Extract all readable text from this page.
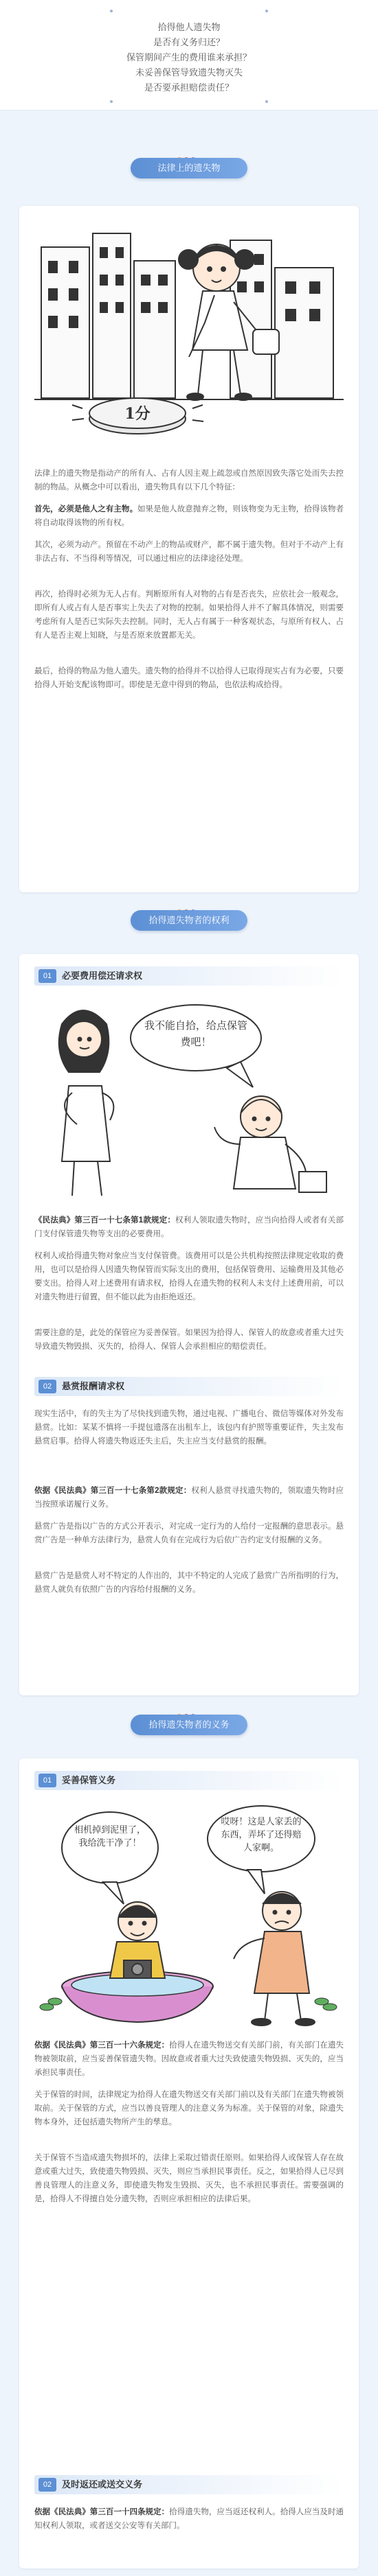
拾得他人遗失物
是否有义务归还？
保管期间产生的费用谁来承担？
未妥善保管导致遗失物灭失
是否要承担赔偿责任？
法律上的遗失物
1分
法律上的遗失物是指动产的所有人、占有人因主观上疏忽或自然原因致失落它处而失去控制的物品。从概念中可以看出，遗失物具有以下几个特征：
首先，必须是他人之有主物。如果是他人故意抛弃之物，则该物变为无主物，拾得该物者将自动取得该物的所有权。
其次，必须为动产。预留在不动产上的物品或财产，都不属于遗失物。但对于不动产上有非法占有、不当得利等情况，可以通过相应的法律途径处理。
再次，拾得时必须为无人占有。判断原所有人对物的占有是否丧失，应依社会一般观念，即所有人或占有人是否事实上失去了对物的控制。如果拾得人并不了解具体情况，则需要考虑所有人是否已实际失去控制。同时，无人占有属于一种客观状态，与原所有权人、占有人是否主观上知晓，与是否原来放置都无关。
最后，拾得的物品为他人遗失。遗失物的拾得并不以拾得人已取得现实占有为必要，只要拾得人开始支配该物即可。即使是无意中得到的物品，也依法构成拾得。
拾得遗失物者的权利
01	必要费用偿还请求权
我不能自拾，给点保管费吧！
《民法典》第三百一十七条第1款规定：权利人领取遗失物时，应当向拾得人或者有关部门支付保管遗失物等支出的必要费用。
权利人或拾得遗失物对象应当支付保管费。该费用可以是公共机构按照法律规定收取的费用，也可以是拾得人因遗失物保管而实际支出的费用，包括保管费用、运输费用及其他必要支出。拾得人对上述费用有请求权，拾得人在遗失物的权利人未支付上述费用前，可以对遗失物进行留置，但不能以此为由拒绝返还。
需要注意的是，此处的保管应为妥善保管。如果因为拾得人、保管人的故意或者重大过失导致遗失物毁损、灭失的，拾得人、保管人会承担相应的赔偿责任。
02	悬赏报酬请求权
现实生活中，有的失主为了尽快找到遗失物，通过电视、广播电台、微信等媒体对外发布悬赏。比如：某某不慎将一手提包遗落在出租车上，该包内有护照等重要证件，失主发布悬赏启事。拾得人将遗失物返还失主后，失主应当支付悬赏的报酬。
依据《民法典》第三百一十七条第2款规定：权利人悬赏寻找遗失物的，领取遗失物时应当按照承诺履行义务。
悬赏广告是指以广告的方式公开表示，对完成一定行为的人给付一定报酬的意思表示。悬赏广告是一种单方法律行为，悬赏人负有在完成行为后依广告约定支付报酬的义务。
悬赏广告是悬赏人对不特定的人作出的，其中不特定的人完成了悬赏广告所指明的行为，悬赏人就负有依照广告的内容给付报酬的义务。
拾得遗失物者的义务
01	妥善保管义务
相机掉到泥里了，我给洗干净了！
哎呀！这是人家丢的东西，弄坏了还得赔人家啊。
依据《民法典》第三百一十六条规定：拾得人在遗失物送交有关部门前，有关部门在遗失物被领取前，应当妥善保管遗失物。因故意或者重大过失致使遗失物毁损、灭失的，应当承担民事责任。
关于保管的时间，法律规定为拾得人在遗失物送交有关部门前以及有关部门在遗失物被领取前。关于保管的方式，应当以善良管理人的注意义务为标准。关于保管的对象，除遗失物本身外，还包括遗失物所产生的孳息。
关于保管不当造成遗失物损坏的，法律上采取过错责任原则。如果拾得人或保管人存在故意或重大过失，致使遗失物毁损、灭失，则应当承担民事责任。反之，如果拾得人已尽到善良管理人的注意义务，即使遗失物发生毁损、灭失，也不承担民事责任。需要强调的是，拾得人不得擅自处分遗失物，否则应承担相应的法律后果。
02	及时返还或送交义务
依据《民法典》第三百一十四条规定：拾得遗失物，应当返还权利人。拾得人应当及时通知权利人领取，或者送交公安等有关部门。
